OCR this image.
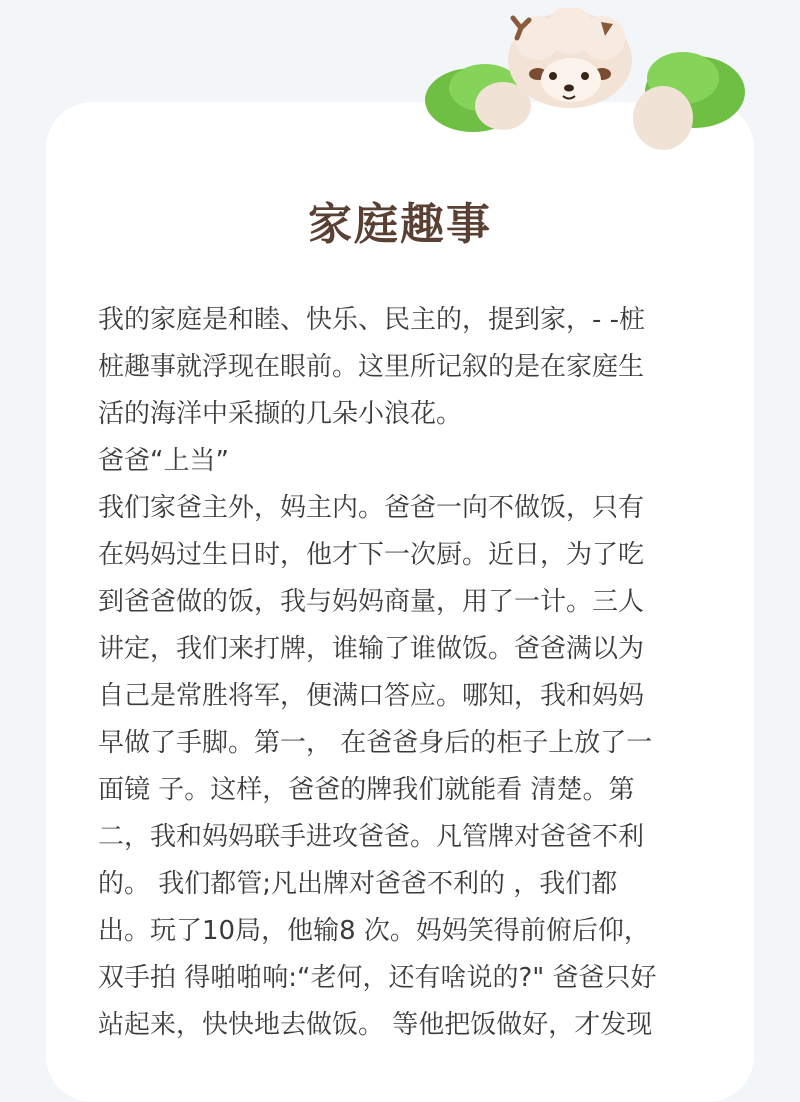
家庭趣事
我的家庭是和睦、快乐、民主的，提到家，- -桩
桩趣事就浮现在眼前。这里所记叙的是在家庭生
活的海洋中采撷的几朵小浪花。
爸爸“上当”
我们家爸主外，妈主内。爸爸一向不做饭，只有
在妈妈过生日时，他才下一次厨。近日，为了吃
到爸爸做的饭，我与妈妈商量，用了一计。三人
讲定，我们来打牌，谁输了谁做饭。爸爸满以为
自己是常胜将军，便满口答应。哪知，我和妈妈
早做了手脚。第一， 在爸爸身后的柜子上放了一
面镜 子。这样，爸爸的牌我们就能看 清楚。第
二，我和妈妈联手进攻爸爸。凡管牌对爸爸不利
的。 我们都管;凡出牌对爸爸不利的 ，我们都
出。玩了10局，他输8 次。妈妈笑得前俯后仰，
双手拍 得啪啪响:“老何，还有啥说的?" 爸爸只好
站起来，快快地去做饭。 等他把饭做好，才发现
